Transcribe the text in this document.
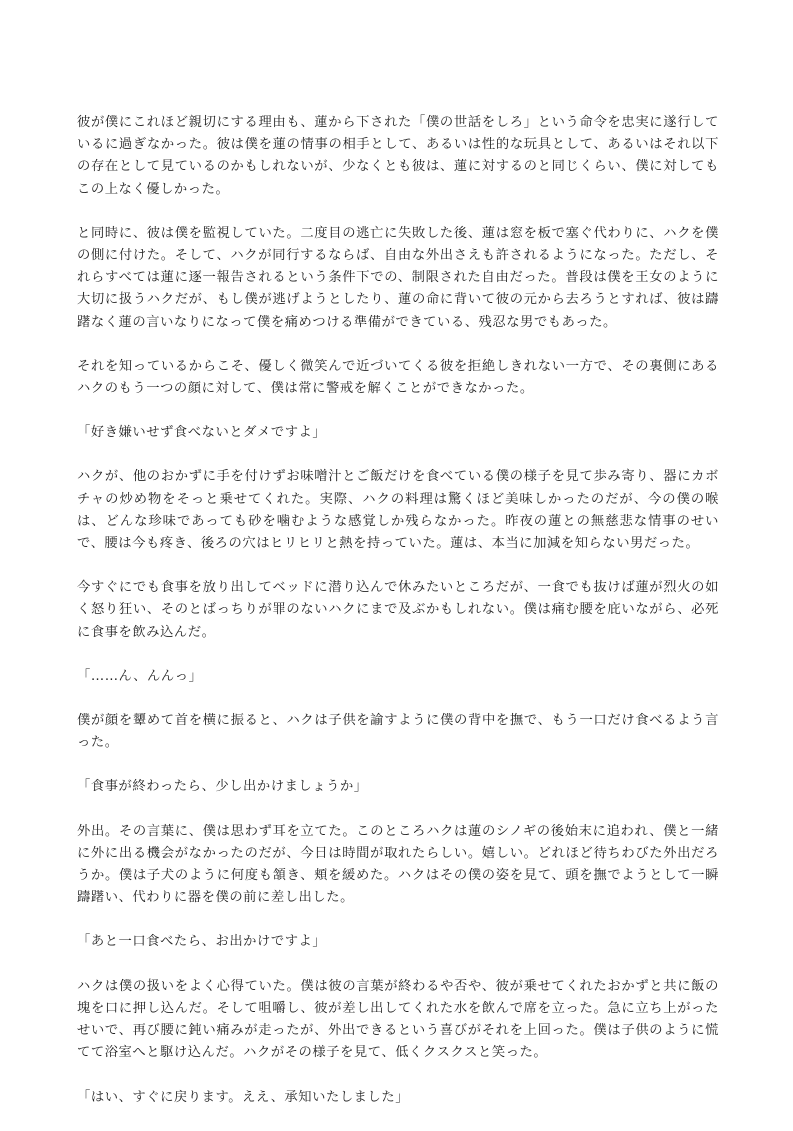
彼が僕にこれほど親切にする理由も、蓮から下された「僕の世話をしろ」という命令を忠実に遂行しているに過ぎなかった。彼は僕を蓮の情事の相手として、あるいは性的な玩具として、あるいはそれ以下の存在として見ているのかもしれないが、少なくとも彼は、蓮に対するのと同じくらい、僕に対してもこの上なく優しかった。

と同時に、彼は僕を監視していた。二度目の逃亡に失敗した後、蓮は窓を板で塞ぐ代わりに、ハクを僕の側に付けた。そして、ハクが同行するならば、自由な外出さえも許されるようになった。ただし、それらすべては蓮に逐一報告されるという条件下での、制限された自由だった。普段は僕を王女のように大切に扱うハクだが、もし僕が逃げようとしたり、蓮の命に背いて彼の元から去ろうとすれば、彼は躊躇なく蓮の言いなりになって僕を痛めつける準備ができている、残忍な男でもあった。

それを知っているからこそ、優しく微笑んで近づいてくる彼を拒絶しきれない一方で、その裏側にあるハクのもう一つの顔に対して、僕は常に警戒を解くことができなかった。

「好き嫌いせず食べないとダメですよ」

ハクが、他のおかずに手を付けずお味噌汁とご飯だけを食べている僕の様子を見て歩み寄り、器にカボチャの炒め物をそっと乗せてくれた。実際、ハクの料理は驚くほど美味しかったのだが、今の僕の喉は、どんな珍味であっても砂を噛むような感覚しか残らなかった。昨夜の蓮との無慈悲な情事のせいで、腰は今も疼き、後ろの穴はヒリヒリと熱を持っていた。蓮は、本当に加減を知らない男だった。

今すぐにでも食事を放り出してベッドに潜り込んで休みたいところだが、一食でも抜けば蓮が烈火の如く怒り狂い、そのとばっちりが罪のないハクにまで及ぶかもしれない。僕は痛む腰を庇いながら、必死に食事を飲み込んだ。

「……ん、んんっ」

僕が顔を顰めて首を横に振ると、ハクは子供を諭すように僕の背中を撫で、もう一口だけ食べるよう言った。

「食事が終わったら、少し出かけましょうか」

外出。その言葉に、僕は思わず耳を立てた。このところハクは蓮のシノギの後始末に追われ、僕と一緒に外に出る機会がなかったのだが、今日は時間が取れたらしい。嬉しい。どれほど待ちわびた外出だろうか。僕は子犬のように何度も頷き、頬を緩めた。ハクはその僕の姿を見て、頭を撫でようとして一瞬躊躇い、代わりに器を僕の前に差し出した。

「あと一口食べたら、お出かけですよ」

ハクは僕の扱いをよく心得ていた。僕は彼の言葉が終わるや否や、彼が乗せてくれたおかずと共に飯の塊を口に押し込んだ。そして咀嚼し、彼が差し出してくれた水を飲んで席を立った。急に立ち上がったせいで、再び腰に鈍い痛みが走ったが、外出できるという喜びがそれを上回った。僕は子供のように慌てて浴室へと駆け込んだ。ハクがその様子を見て、低くクスクスと笑った。

「はい、すぐに戻ります。ええ、承知いたしました」
